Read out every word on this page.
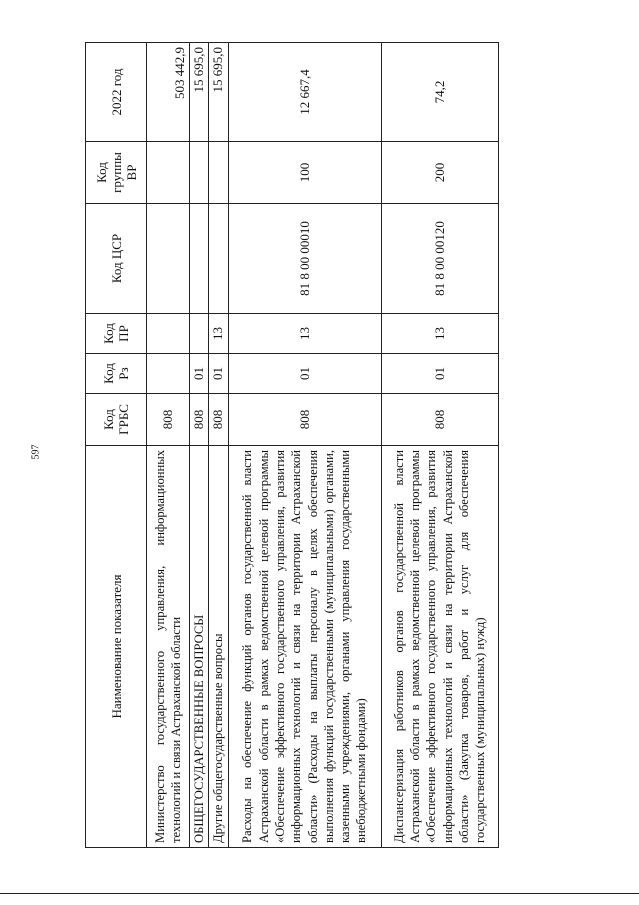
597
Наименование показателя	Код ГРБС	Код Рз	Код ПР	Код ЦСР	Код группы ВР	2022 год
Министерство государственного управления, информационных технологий и связи Астраханской области	808					503 442,9
ОБЩЕГОСУДАРСТВЕННЫЕ ВОПРОСЫ	808	01				15 695,0
Другие общегосударственные вопросы	808	01	13			15 695,0
Расходы на обеспечение функций органов государственной власти Астраханской области в рамках ведомственной целевой программы «Обеспечение эффективного государственного управления, развития информационных технологий и связи на территории Астраханской области» (Расходы на выплаты персоналу в целях обеспечения выполнения функций государственными (муниципальными) органами, казенными учреждениями, органами управления государственными внебюджетными фондами)	808	01	13	81 8 00 00010	100	12 667,4
Диспансеризация работников органов государственной власти Астраханской области в рамках ведомственной целевой программы «Обеспечение эффективного государственного управления, развития информационных технологий и связи на территории Астраханской области» (Закупка товаров, работ и услуг для обеспечения государственных (муниципальных) нужд)	808	01	13	81 8 00 00120	200	74,2
